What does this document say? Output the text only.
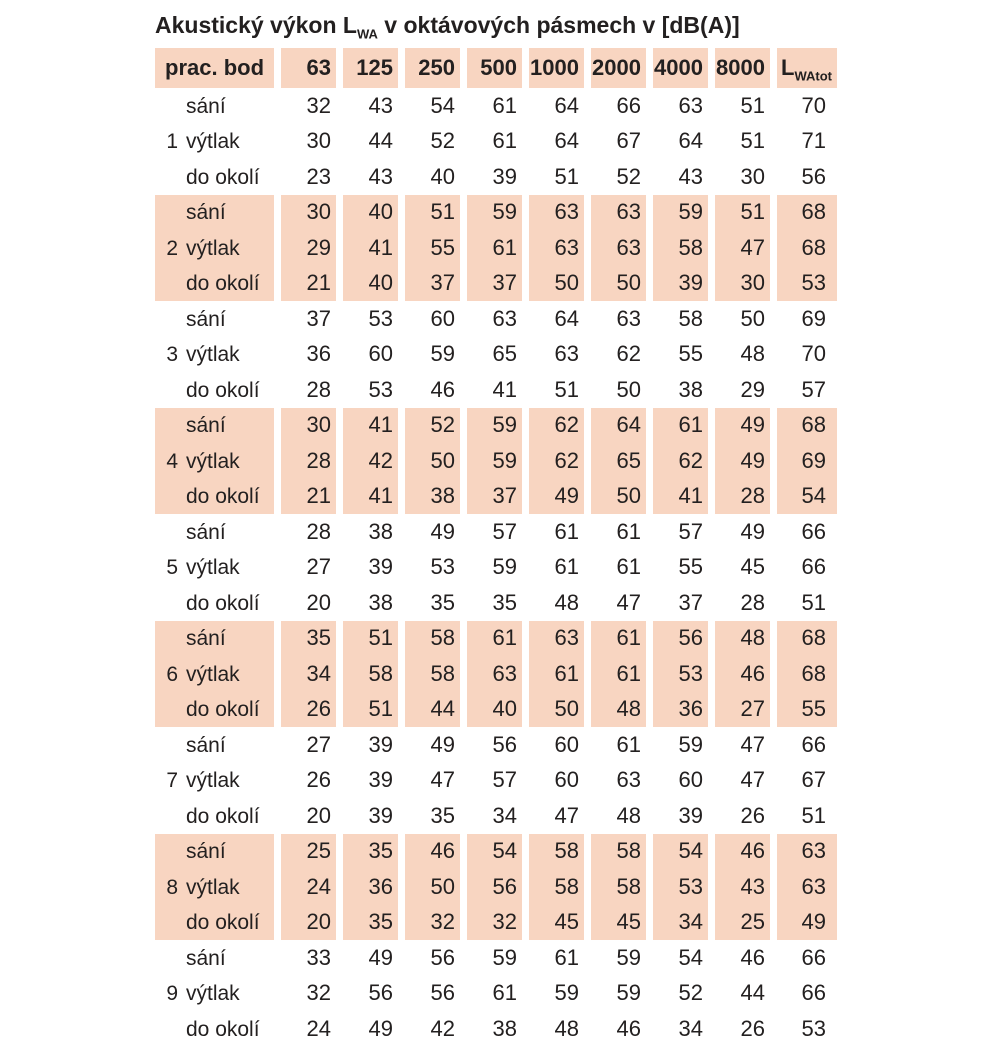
Akustický výkon $L_{WA}$ v oktávových pásmech v [dB(A)]
prac. bod	63	125	250	500	1000	2000	4000	8000	$L_{WAtot}$
sání	32	43	54	61	64	66	63	51	70
1 výtlak	30	44	52	61	64	67	64	51	71
do okolí	23	43	40	39	51	52	43	30	56
sání	30	40	51	59	63	63	59	51	68
2 výtlak	29	41	55	61	63	63	58	47	68
do okolí	21	40	37	37	50	50	39	30	53
sání	37	53	60	63	64	63	58	50	69
3 výtlak	36	60	59	65	63	62	55	48	70
do okolí	28	53	46	41	51	50	38	29	57
sání	30	41	52	59	62	64	61	49	68
4 výtlak	28	42	50	59	62	65	62	49	69
do okolí	21	41	38	37	49	50	41	28	54
sání	28	38	49	57	61	61	57	49	66
5 výtlak	27	39	53	59	61	61	55	45	66
do okolí	20	38	35	35	48	47	37	28	51
sání	35	51	58	61	63	61	56	48	68
6 výtlak	34	58	58	63	61	61	53	46	68
do okolí	26	51	44	40	50	48	36	27	55
sání	27	39	49	56	60	61	59	47	66
7 výtlak	26	39	47	57	60	63	60	47	67
do okolí	20	39	35	34	47	48	39	26	51
sání	25	35	46	54	58	58	54	46	63
8 výtlak	24	36	50	56	58	58	53	43	63
do okolí	20	35	32	32	45	45	34	25	49
sání	33	49	56	59	61	59	54	46	66
9 výtlak	32	56	56	61	59	59	52	44	66
do okolí	24	49	42	38	48	46	34	26	53
